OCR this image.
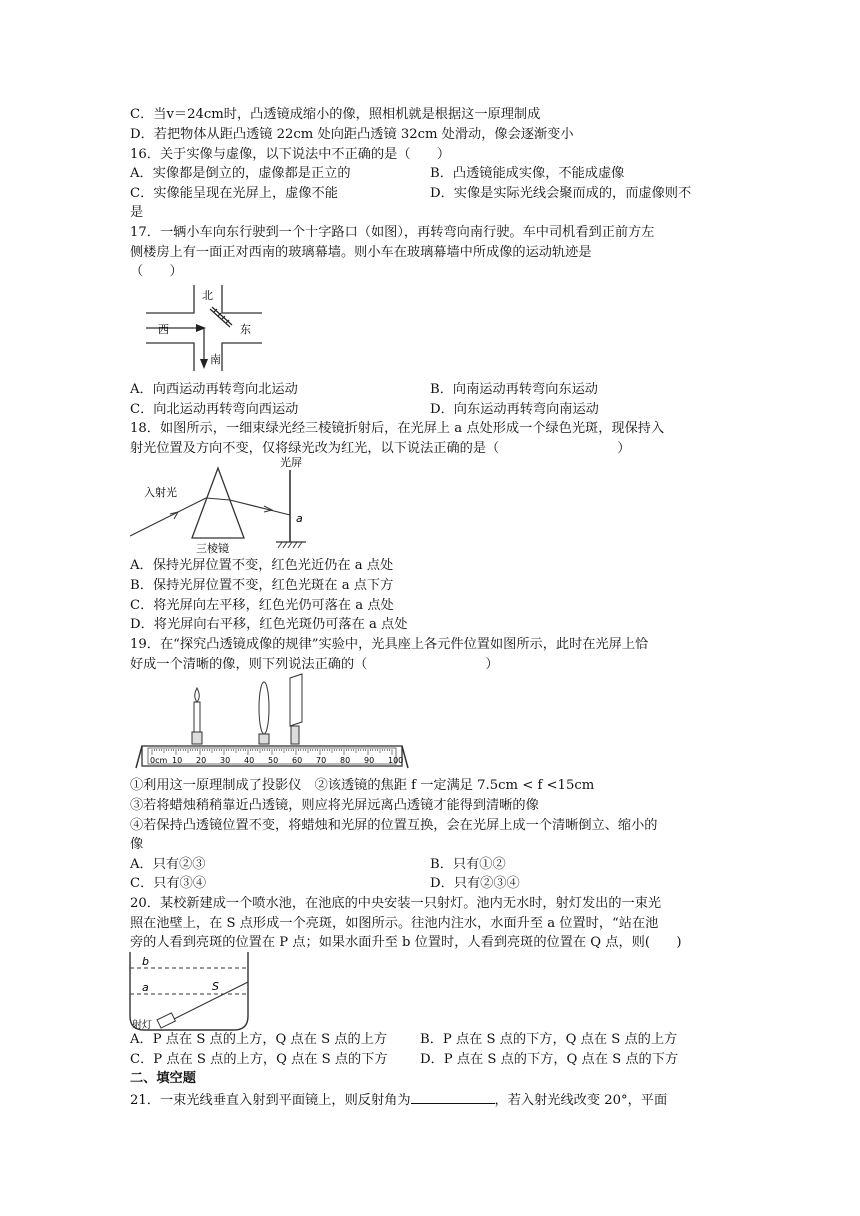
C．当v＝24cm时，凸透镜成缩小的像，照相机就是根据这一原理制成
D．若把物体从距凸透镜 22cm 处向距凸透镜 32cm 处滑动，像会逐渐变小
16．关于实像与虚像，以下说法中不正确的是（　　）
A．实像都是倒立的，虚像都是正立的	B．凸透镜能成实像，不能成虚像
C．实像能呈现在光屏上，虚像不能	D．实像是实际光线会聚而成的，而虚像则不
是
17．一辆小车向东行驶到一个十字路口（如图），再转弯向南行驶。车中司机看到正前方左
侧楼房上有一面正对西南的玻璃幕墙。则小车在玻璃幕墙中所成像的运动轨迹是
（　　）
北
西	东
南
A．向西运动再转弯向北运动	B．向南运动再转弯向东运动
C．向北运动再转弯向西运动	D．向东运动再转弯向南运动
18．如图所示，一细束绿光经三棱镜折射后，在光屏上 a 点处形成一个绿色光斑，现保持入
射光位置及方向不变，仅将绿光改为红光，以下说法正确的是（	）
入射光
光屏
三棱镜
a
A．保持光屏位置不变，红色光近仍在 a 点处
B．保持光屏位置不变，红色光斑在 a 点下方
C．将光屏向左平移，红色光仍可落在 a 点处
D．将光屏向右平移，红色光斑仍可落在 a 点处
19．在“探究凸透镜成像的规律”实验中，光具座上各元件位置如图所示，此时在光屏上恰
好成一个清晰的像，则下列说法正确的（	）
0cm 10 20 30 40 50 60 70 80 90 100
①利用这一原理制成了投影仪　②该透镜的焦距 f 一定满足 7.5cm < f <15cm
③若将蜡烛稍稍靠近凸透镜，则应将光屏远离凸透镜才能得到清晰的像
④若保持凸透镜位置不变，将蜡烛和光屏的位置互换，会在光屏上成一个清晰倒立、缩小的
像
A．只有②③	B．只有①②
C．只有③④	D．只有②③④
20．某校新建成一个喷水池，在池底的中央安装一只射灯。池内无水时，射灯发出的一束光
照在池壁上，在 S 点形成一个亮斑，如图所示。往池内注水，水面升至 a 位置时，“站在池
旁的人看到亮斑的位置在 P 点；如果水面升至 b 位置时，人看到亮斑的位置在 Q 点，则(　　)
b
a	S
射灯
A．P 点在 S 点的上方，Q 点在 S 点的上方 B．P 点在 S 点的下方，Q 点在 S 点的上方
C．P 点在 S 点的上方，Q 点在 S 点的下方 D．P 点在 S 点的下方，Q 点在 S 点的下方
二、填空题
21．一束光线垂直入射到平面镜上，则反射角为	，若入射光线改变 20°，平面
